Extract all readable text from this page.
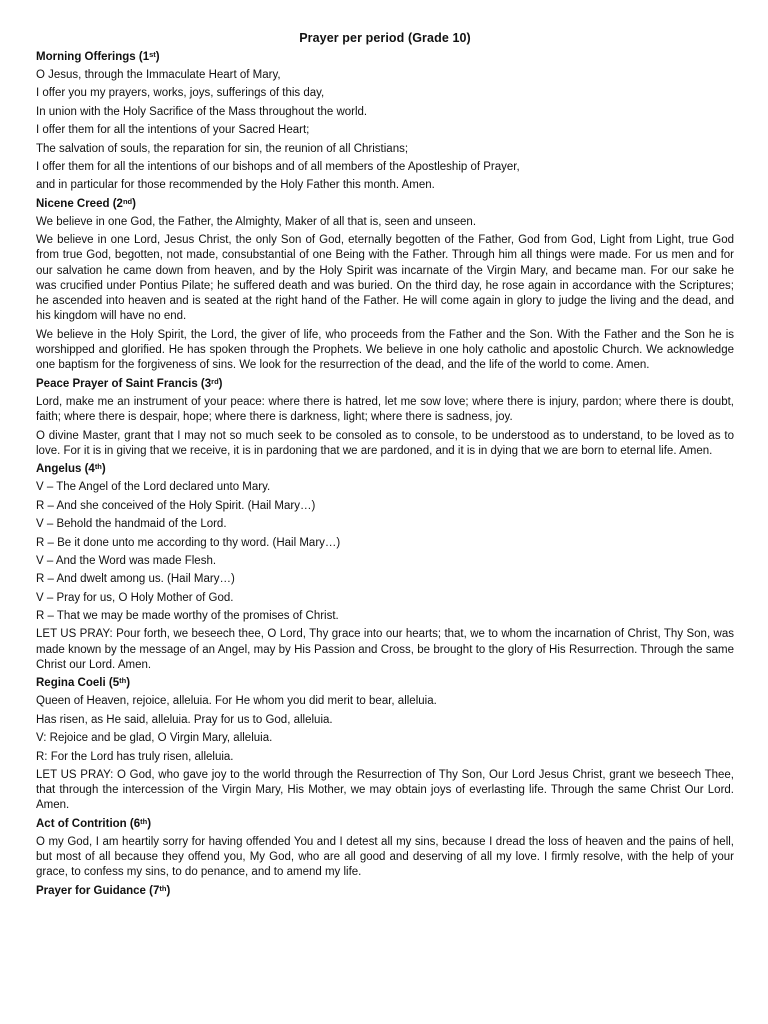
Prayer per period (Grade 10)
Morning Offerings (1st)
O Jesus, through the Immaculate Heart of Mary,
I offer you my prayers, works, joys, sufferings of this day,
In union with the Holy Sacrifice of the Mass throughout the world.
I offer them for all the intentions of your Sacred Heart;
The salvation of souls, the reparation for sin, the reunion of all Christians;
I offer them for all the intentions of our bishops and of all members of the Apostleship of Prayer,
and in particular for those recommended by the Holy Father this month. Amen.
Nicene Creed (2nd)
We believe in one God, the Father, the Almighty, Maker of all that is, seen and unseen.
We believe in one Lord, Jesus Christ, the only Son of God, eternally begotten of the Father, God from God, Light from Light, true God from true God, begotten, not made, consubstantial of one Being with the Father. Through him all things were made. For us men and for our salvation he came down from heaven, and by the Holy Spirit was incarnate of the Virgin Mary, and became man. For our sake he was crucified under Pontius Pilate; he suffered death and was buried. On the third day, he rose again in accordance with the Scriptures; he ascended into heaven and is seated at the right hand of the Father. He will come again in glory to judge the living and the dead, and his kingdom will have no end.
We believe in the Holy Spirit, the Lord, the giver of life, who proceeds from the Father and the Son. With the Father and the Son he is worshipped and glorified. He has spoken through the Prophets. We believe in one holy catholic and apostolic Church. We acknowledge one baptism for the forgiveness of sins. We look for the resurrection of the dead, and the life of the world to come. Amen.
Peace Prayer of Saint Francis (3rd)
Lord, make me an instrument of your peace: where there is hatred, let me sow love; where there is injury, pardon; where there is doubt, faith; where there is despair, hope; where there is darkness, light; where there is sadness, joy.
O divine Master, grant that I may not so much seek to be consoled as to console, to be understood as to understand, to be loved as to love. For it is in giving that we receive, it is in pardoning that we are pardoned, and it is in dying that we are born to eternal life. Amen.
Angelus (4th)
V – The Angel of the Lord declared unto Mary.
R – And she conceived of the Holy Spirit. (Hail Mary…)
V – Behold the handmaid of the Lord.
R – Be it done unto me according to thy word. (Hail Mary…)
V – And the Word was made Flesh.
R – And dwelt among us. (Hail Mary…)
V – Pray for us, O Holy Mother of God.
R – That we may be made worthy of the promises of Christ.
LET US PRAY: Pour forth, we beseech thee, O Lord, Thy grace into our hearts; that, we to whom the incarnation of Christ, Thy Son, was made known by the message of an Angel, may by His Passion and Cross, be brought to the glory of His Resurrection. Through the same Christ our Lord. Amen.
Regina Coeli (5th)
Queen of Heaven, rejoice, alleluia. For He whom you did merit to bear, alleluia.
Has risen, as He said, alleluia. Pray for us to God, alleluia.
V: Rejoice and be glad, O Virgin Mary, alleluia.
R: For the Lord has truly risen, alleluia.
LET US PRAY: O God, who gave joy to the world through the Resurrection of Thy Son, Our Lord Jesus Christ, grant we beseech Thee, that through the intercession of the Virgin Mary, His Mother, we may obtain joys of everlasting life. Through the same Christ Our Lord. Amen.
Act of Contrition (6th)
O my God, I am heartily sorry for having offended You and I detest all my sins, because I dread the loss of heaven and the pains of hell, but most of all because they offend you, My God, who are all good and deserving of all my love. I firmly resolve, with the help of your grace, to confess my sins, to do penance, and to amend my life.
Prayer for Guidance (7th)
